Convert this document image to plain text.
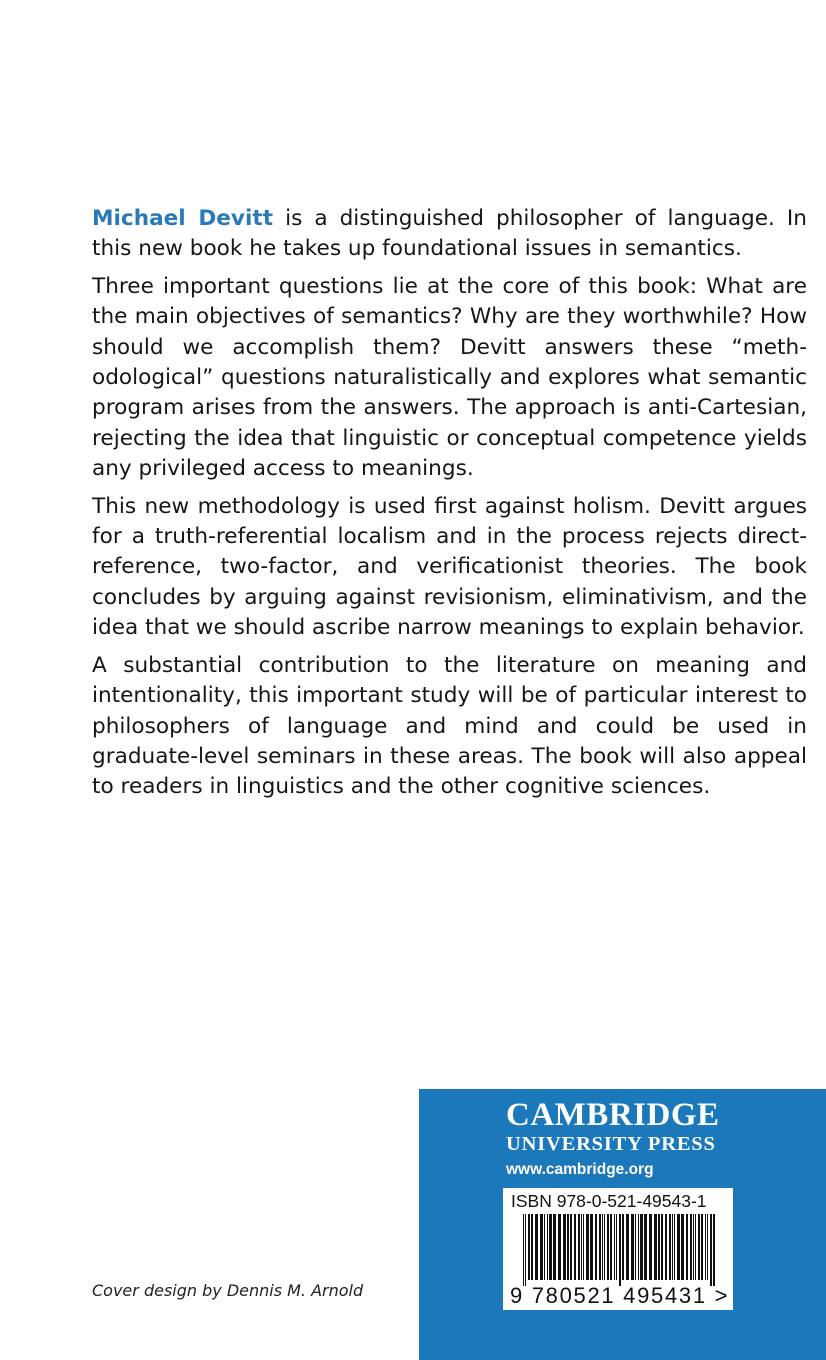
Michael Devitt is a distinguished philosopher of language. In this new book he takes up foundational issues in semantics.

Three important questions lie at the core of this book: What are the main objectives of semantics? Why are they worthwhile? How should we accomplish them? Devitt answers these “methodological” questions naturalistically and explores what semantic program arises from the answers. The approach is anti-Cartesian, rejecting the idea that linguistic or conceptual competence yields any privileged access to meanings.

This new methodology is used first against holism. Devitt argues for a truth-referential localism and in the process rejects direct-reference, two-factor, and verificationist theories. The book concludes by arguing against revisionism, eliminativism, and the idea that we should ascribe narrow meanings to explain behavior.

A substantial contribution to the literature on meaning and intentionality, this important study will be of particular interest to philosophers of language and mind and could be used in graduate-level seminars in these areas. The book will also appeal to readers in linguistics and the other cognitive sciences.

Cover design by Dennis M. Arnold

CAMBRIDGE

UNIVERSITY PRESS

www.cambridge.org

ISBN 978-0-521-49543-1
9 780521 495431 >
